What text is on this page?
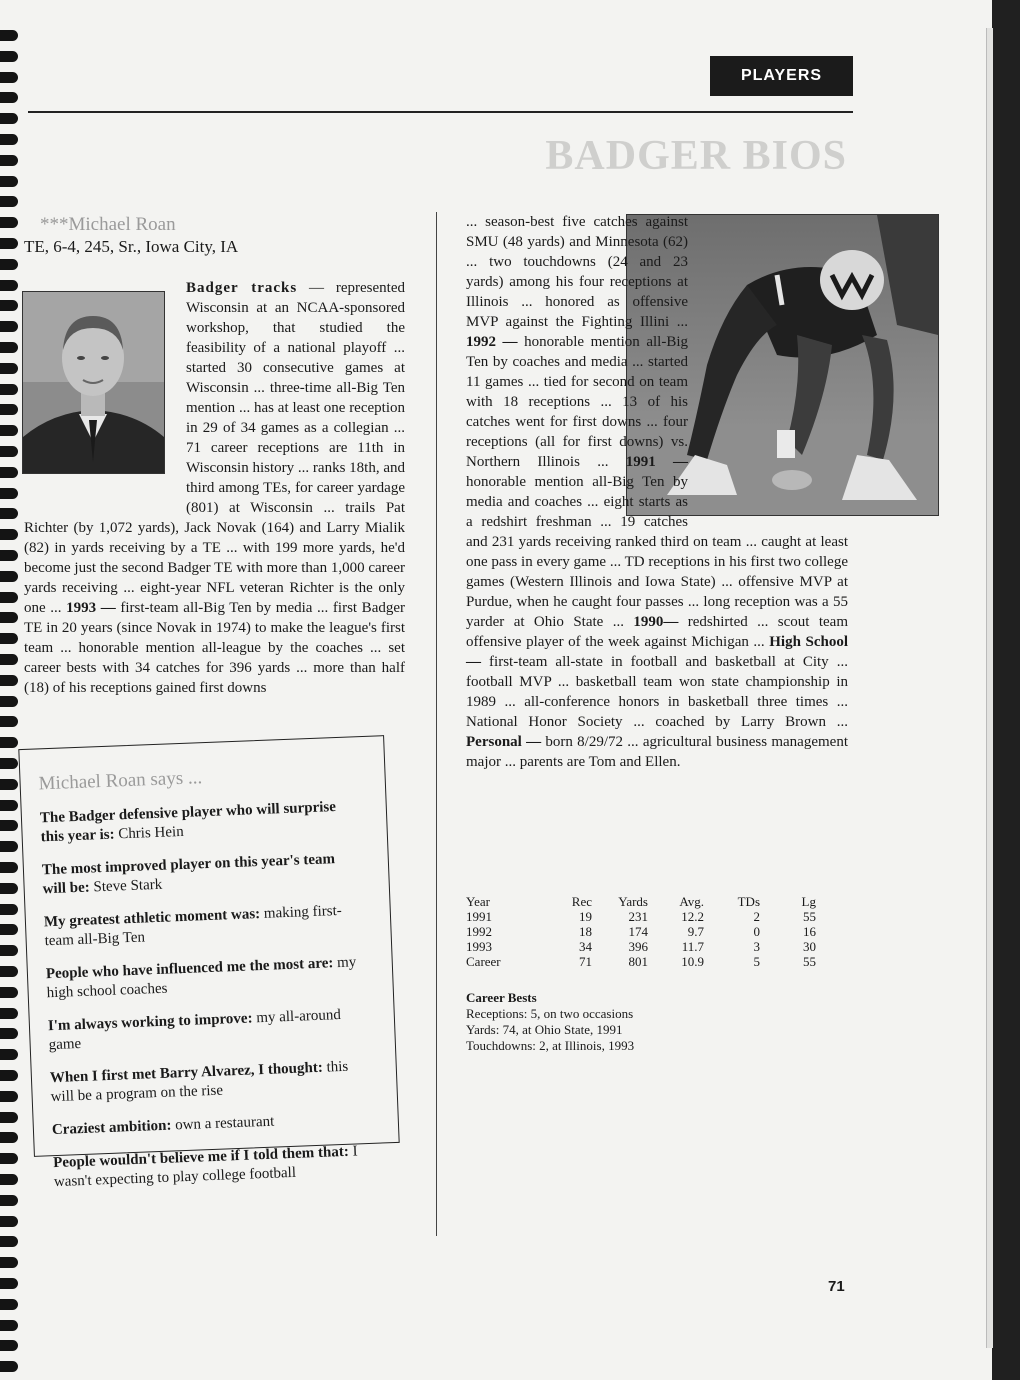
PLAYERS
BADGER BIOS
***Michael Roan
TE, 6-4, 245, Sr., Iowa City, IA
Badger tracks — represented Wisconsin at an NCAA-sponsored workshop, that studied the feasibility of a national playoff ... started 30 consecutive games at Wisconsin ... three-time all-Big Ten mention ... has at least one reception in 29 of 34 games as a collegian ... 71 career receptions are 11th in Wisconsin history ... ranks 18th, and third among TEs, for career yardage (801) at Wisconsin ... trails Pat Richter (by 1,072 yards), Jack Novak (164) and Larry Mialik (82) in yards receiving by a TE ... with 199 more yards, he'd become just the second Badger TE with more than 1,000 career yards receiving ... eight-year NFL veteran Richter is the only one ... 1993 — first-team all-Big Ten by media ... first Badger TE in 20 years (since Novak in 1974) to make the league's first team ... honorable mention all-league by the coaches ... set career bests with 34 catches for 396 yards ... more than half (18) of his receptions gained first downs
... season-best five catches against SMU (48 yards) and Minnesota (62) ... two touchdowns (24 and 23 yards) among his four receptions at Illinois ... honored as offensive MVP against the Fighting Illini ... 1992 — honorable mention all-Big Ten by coaches and media ... started 11 games ... tied for second on team with 18 receptions ... 13 of his catches went for first downs ... four receptions (all for first downs) vs. Northern Illinois ... 1991 — honorable mention all-Big Ten by media and coaches ... eight starts as a redshirt freshman ... 19 catches and 231 yards receiving ranked third on team ... caught at least one pass in every game ... TD receptions in his first two college games (Western Illinois and Iowa State) ... offensive MVP at Purdue, when he caught four passes ... long reception was a 55 yarder at Ohio State ... 1990— redshirted ... scout team offensive player of the week against Michigan ... High School — first-team all-state in football and basketball at City ... football MVP ... basketball team won state championship in 1989 ... all-conference honors in basketball three times ... National Honor Society ... coached by Larry Brown ... Personal — born 8/29/72 ... agricultural business management major ... parents are Tom and Ellen.
Michael Roan says ...
The Badger defensive player who will surprise this year is: Chris Hein
The most improved player on this year's team will be: Steve Stark
My greatest athletic moment was: making first-team all-Big Ten
People who have influenced me the most are: my high school coaches
I'm always working to improve: my all-around game
When I first met Barry Alvarez, I thought: this will be a program on the rise
Craziest ambition: own a restaurant
People wouldn't believe me if I told them that: I wasn't expecting to play college football
Year	Rec	Yards	Avg.	TDs	Lg
1991	19	231	12.2	2	55
1992	18	174	9.7	0	16
1993	34	396	11.7	3	30
Career	71	801	10.9	5	55
Career Bests
Receptions: 5, on two occasions
Yards: 74, at Ohio State, 1991
Touchdowns: 2, at Illinois, 1993
71
